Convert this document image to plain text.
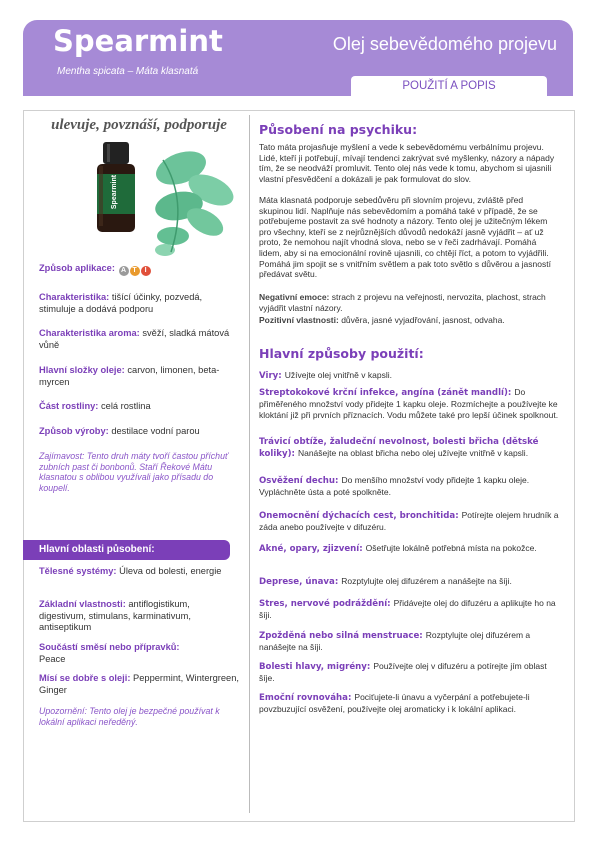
Spearmint
Mentha spicata – Máta klasnatá
Olej sebevědomého projevu
POUŽITÍ A POPIS
ulevuje, povznáší, podporuje
Spearmint
Způsob aplikace: A T I
Charakteristika: tišící účinky, pozvedá, stimuluje a dodává podporu
Charakteristika aroma: svěží, sladká mátová vůně
Hlavní složky oleje: carvon, limonen, beta-myrcen
Část rostliny: celá rostlina
Způsob výroby: destilace vodní parou
Zajímavost: Tento druh máty tvoří častou příchuť zubních past či bonbonů. Staří Řekové Mátu klasnatou s oblibou využívali jako přísadu do koupelí.
Hlavní oblasti působení:
Tělesné systémy: Úleva od bolesti, energie
Základní vlastnosti: antiflogistikum, digestivum, stimulans, karminativum, antiseptikum
Součástí směsí nebo přípravků:
Peace
Mísí se dobře s oleji: Peppermint, Wintergreen, Ginger
Upozornění: Tento olej je bezpečné používat k lokální aplikaci neředěný.
Působení na psychiku:
Tato máta projasňuje myšlení a vede k sebevědomému verbálnímu projevu. Lidé, kteří ji potřebují, mívají tendenci zakrývat své myšlenky, názory a nápady tím, že se neodváží promluvit. Tento olej nás vede k tomu, abychom si ujasnili vlastní přesvědčení a dokázali je pak formulovat do slov.
Máta klasnatá podporuje sebedůvěru při slovním projevu, zvláště před skupinou lidí. Naplňuje nás sebevědomím a pomáhá také v případě, že se potřebujeme postavit za své hodnoty a názory. Tento olej je užitečným lékem pro všechny, kteří se z nejrůznějších důvodů nedokáží jasně vyjádřit – ať už proto, že nemohou najít vhodná slova, nebo se v řeči zadrhávají. Pomáhá lidem, aby si na emocionální rovině ujasnili, co chtějí říct, a potom to vyjádřili. Pomáhá jim spojit se s vnitřním světlem a pak toto světlo s důvěrou a jasností předávat světu.
Negativní emoce: strach z projevu na veřejnosti, nervozita, plachost, strach vyjádřit vlastní názory.
Pozitivní vlastnosti: důvěra, jasné vyjadřování, jasnost, odvaha.
Hlavní způsoby použití:
Viry: Užívejte olej vnitřně v kapsli.
Streptokokové krční infekce, angína (zánět mandlí): Do přiměřeného množství vody přidejte 1 kapku oleje. Rozmíchejte a používejte ke kloktání již při prvních příznacích. Vodu můžete také pro lepší účinek spolknout.
Trávicí obtíže, žaludeční nevolnost, bolesti břicha (dětské koliky): Nanášejte na oblast břicha nebo olej užívejte vnitřně v kapsli.
Osvěžení dechu: Do menšího množství vody přidejte 1 kapku oleje. Vypláchněte ústa a poté spolkněte.
Onemocnění dýchacích cest, bronchitida: Potírejte olejem hrudník a záda anebo používejte v difuzéru.
Akné, opary, zjizvení: Ošetřujte lokálně potřebná místa na pokožce.
Deprese, únava: Rozptylujte olej difuzérem a nanášejte na šíji.
Stres, nervové podráždění: Přidávejte olej do difuzéru a aplikujte ho na šíji.
Zpožděná nebo silná menstruace: Rozptylujte olej difuzérem a nanášejte na šíji.
Bolesti hlavy, migrény: Používejte olej v difuzéru a potírejte jím oblast šíje.
Emoční rovnováha: Pociťujete-li únavu a vyčerpání a potřebujete-li povzbuzující osvěžení, používejte olej aromaticky i k lokální aplikaci.
